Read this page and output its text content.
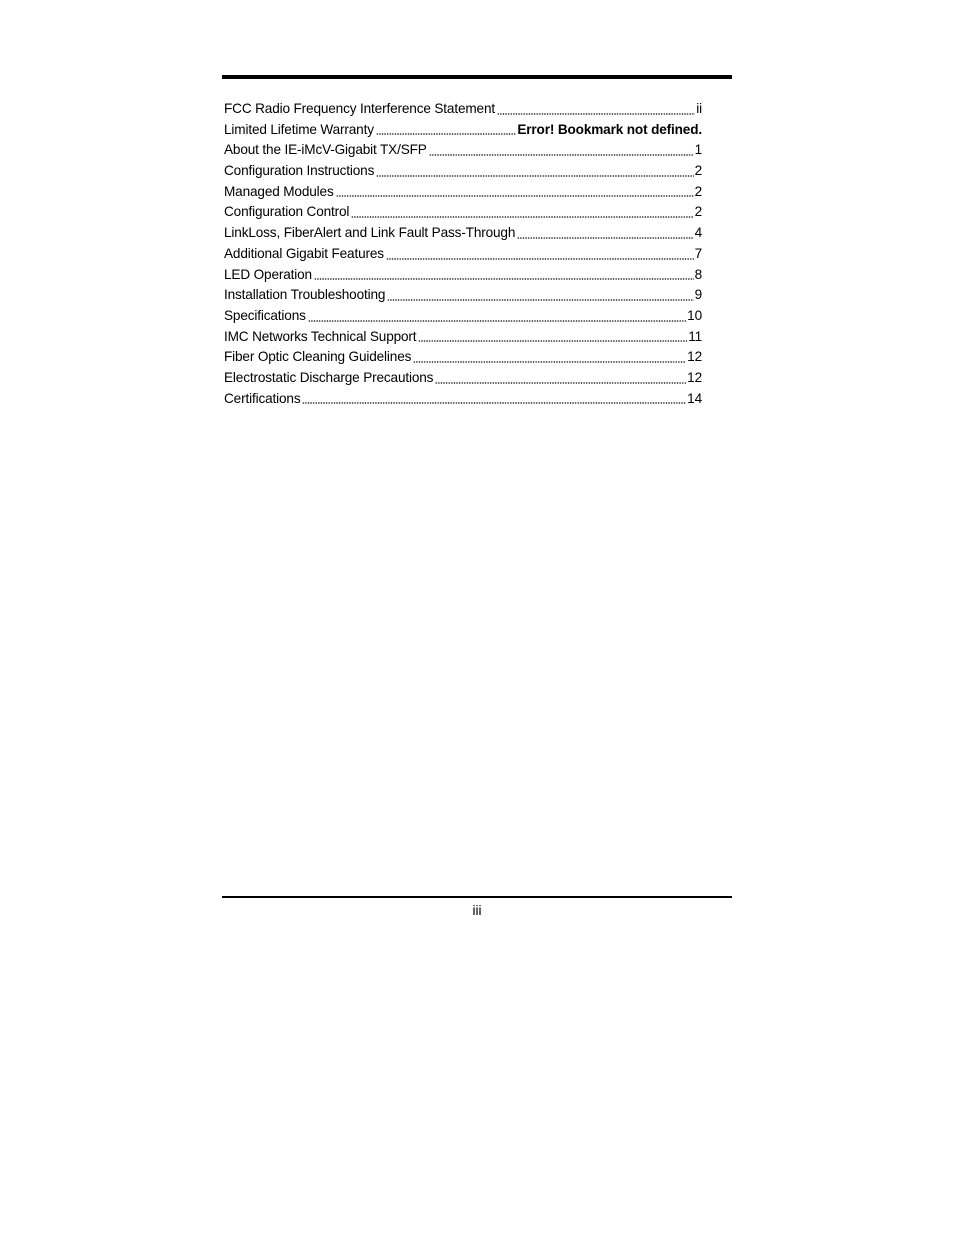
FCC Radio Frequency Interference Statement	ii
Limited Lifetime Warranty	Error! Bookmark not defined.
About the IE-iMcV-Gigabit TX/SFP	1
Configuration Instructions	2
Managed Modules	2
Configuration Control	2
LinkLoss, FiberAlert and Link Fault Pass-Through	4
Additional Gigabit Features	7
LED Operation	8
Installation Troubleshooting	9
Specifications	10
IMC Networks Technical Support	11
Fiber Optic Cleaning Guidelines	12
Electrostatic Discharge Precautions	12
Certifications	14
iii
